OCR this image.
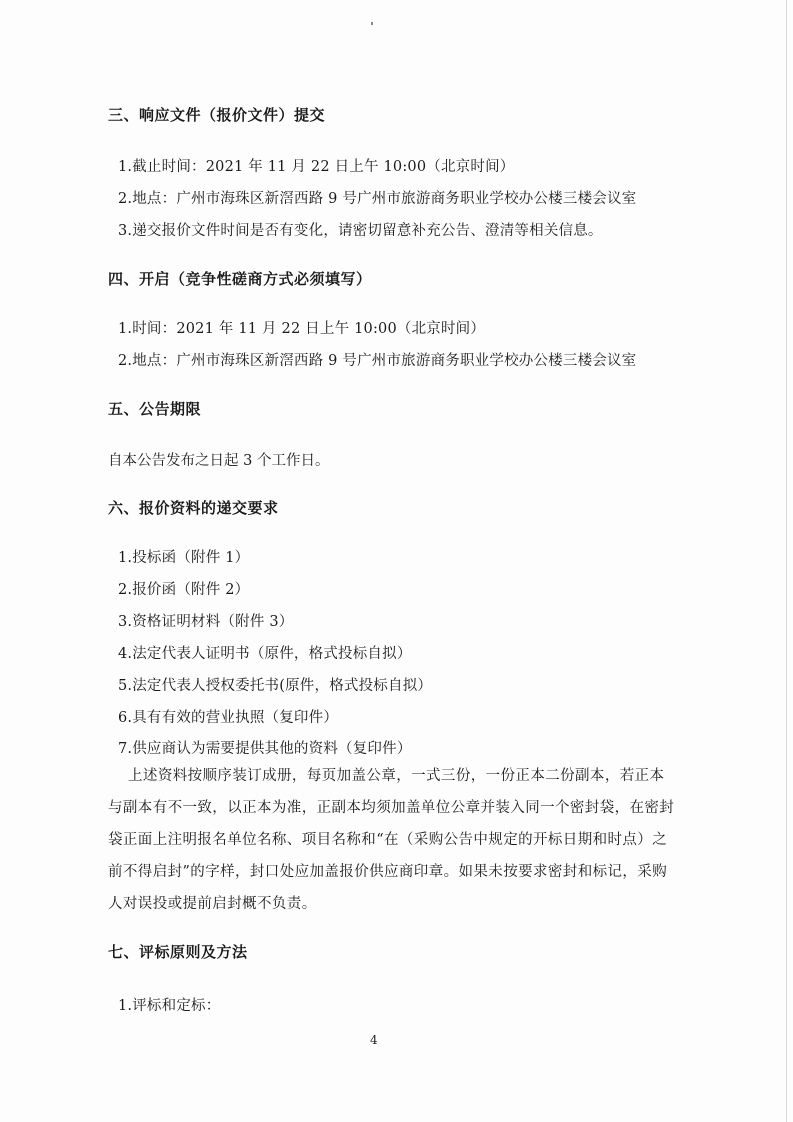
三、响应文件（报价文件）提交
1.截止时间：2021 年 11 月 22 日上午 10:00（北京时间）
2.地点：广州市海珠区新滘西路 9 号广州市旅游商务职业学校办公楼三楼会议室
3.递交报价文件时间是否有变化，请密切留意补充公告、澄清等相关信息。
四、开启（竞争性磋商方式必须填写）
1.时间：2021 年 11 月 22 日上午 10:00（北京时间）
2.地点：广州市海珠区新滘西路 9 号广州市旅游商务职业学校办公楼三楼会议室
五、公告期限
自本公告发布之日起 3 个工作日。
六、报价资料的递交要求
1.投标函（附件 1）
2.报价函（附件 2）
3.资格证明材料（附件 3）
4.法定代表人证明书（原件，格式投标自拟）
5.法定代表人授权委托书(原件，格式投标自拟）
6.具有有效的营业执照（复印件）
7.供应商认为需要提供其他的资料（复印件）
上述资料按顺序装订成册，每页加盖公章，一式三份，一份正本二份副本，若正本
与副本有不一致，以正本为准，正副本均须加盖单位公章并装入同一个密封袋，在密封
袋正面上注明报名单位名称、项目名称和“在（采购公告中规定的开标日期和时点）之
前不得启封”的字样，封口处应加盖报价供应商印章。如果未按要求密封和标记，采购
人对误投或提前启封概不负责。
七、评标原则及方法
1.评标和定标：
4
